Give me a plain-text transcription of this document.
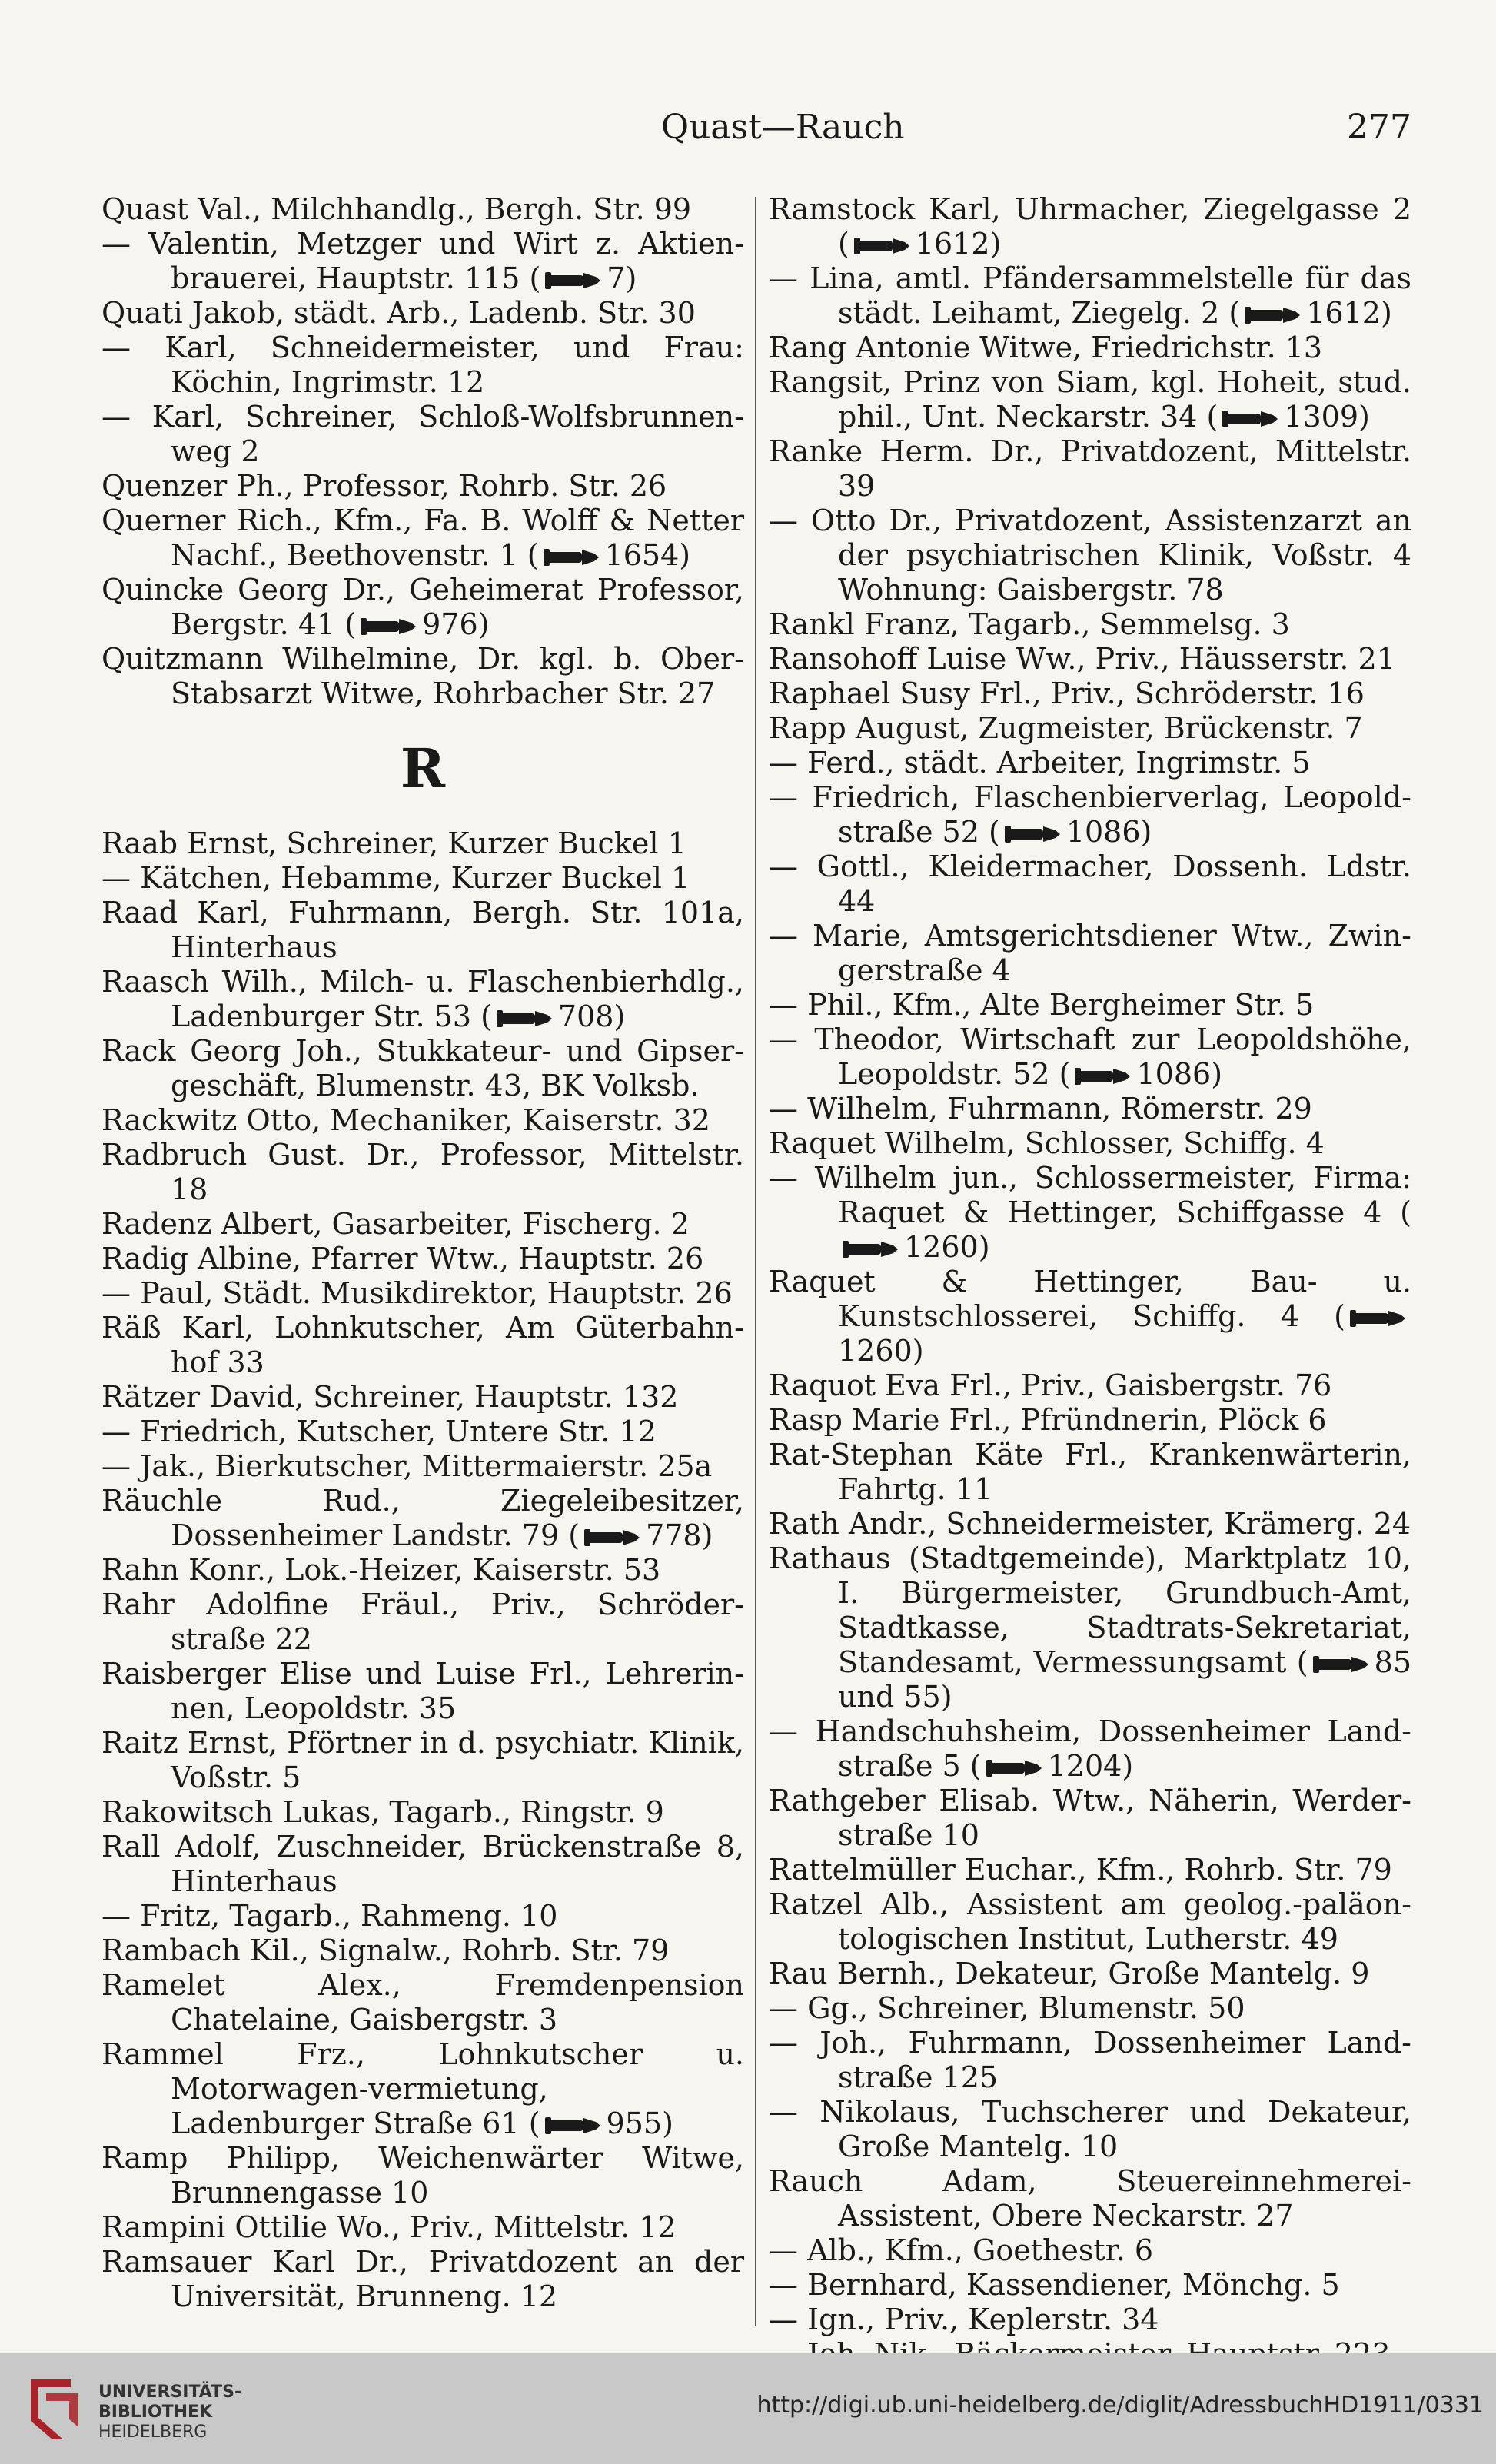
Quast—Rauch	277

Quast Val., Milchhandlg., Bergh. Str. 99

— Valentin, Metzger und Wirt z. Aktien-brauerei, Hauptstr. 115 ( 7)

Quati Jakob, städt. Arb., Ladenb. Str. 30

— Karl, Schneidermeister, und Frau: Köchin, Ingrimstr. 12

— Karl, Schreiner, Schloß-Wolfsbrunnen-weg 2

Quenzer Ph., Professor, Rohrb. Str. 26

Querner Rich., Kfm., Fa. B. Wolff & Netter Nachf., Beethovenstr. 1 ( 1654)

Quincke Georg Dr., Geheimerat Professor, Bergstr. 41 ( 976)

Quitzmann Wilhelmine, Dr. kgl. b. Ober-Stabsarzt Witwe, Rohrbacher Str. 27

R

Raab Ernst, Schreiner, Kurzer Buckel 1

— Kätchen, Hebamme, Kurzer Buckel 1

Raad Karl, Fuhrmann, Bergh. Str. 101a, Hinterhaus

Raasch Wilh., Milch- u. Flaschenbierhdlg., Ladenburger Str. 53 ( 708)

Rack Georg Joh., Stukkateur- und Gipser-geschäft, Blumenstr. 43, BK Volksb.

Rackwitz Otto, Mechaniker, Kaiserstr. 32

Radbruch Gust. Dr., Professor, Mittelstr. 18

Radenz Albert, Gasarbeiter, Fischerg. 2

Radig Albine, Pfarrer Wtw., Hauptstr. 26

— Paul, Städt. Musikdirektor, Hauptstr. 26

Räß Karl, Lohnkutscher, Am Güterbahn-hof 33

Rätzer David, Schreiner, Hauptstr. 132

— Friedrich, Kutscher, Untere Str. 12

— Jak., Bierkutscher, Mittermaierstr. 25a

Räuchle Rud., Ziegeleibesitzer, Dossenheimer Landstr. 79 ( 778)

Rahn Konr., Lok.-Heizer, Kaiserstr. 53

Rahr Adolfine Fräul., Priv., Schröder-straße 22

Raisberger Elise und Luise Frl., Lehrerin-nen, Leopoldstr. 35

Raitz Ernst, Pförtner in d. psychiatr. Klinik, Voßstr. 5

Rakowitsch Lukas, Tagarb., Ringstr. 9

Rall Adolf, Zuschneider, Brückenstraße 8, Hinterhaus

— Fritz, Tagarb., Rahmeng. 10

Rambach Kil., Signalw., Rohrb. Str. 79

Ramelet Alex., Fremdenpension Chatelaine, Gaisbergstr. 3

Rammel Frz., Lohnkutscher u. Motorwagen-vermietung, Ladenburger Straße 61 ( 955)

Ramp Philipp, Weichenwärter Witwe, Brunnengasse 10

Rampini Ottilie Wo., Priv., Mittelstr. 12

Ramsauer Karl Dr., Privatdozent an der Universität, Brunneng. 12

Ramstock Karl, Uhrmacher, Ziegelgasse 2 ( 1612)

— Lina, amtl. Pfändersammelstelle für das städt. Leihamt, Ziegelg. 2 ( 1612)

Rang Antonie Witwe, Friedrichstr. 13

Rangsit, Prinz von Siam, kgl. Hoheit, stud. phil., Unt. Neckarstr. 34 ( 1309)

Ranke Herm. Dr., Privatdozent, Mittelstr. 39

— Otto Dr., Privatdozent, Assistenzarzt an der psychiatrischen Klinik, Voßstr. 4 Wohnung: Gaisbergstr. 78

Rankl Franz, Tagarb., Semmelsg. 3

Ransohoff Luise Ww., Priv., Häusserstr. 21

Raphael Susy Frl., Priv., Schröderstr. 16

Rapp August, Zugmeister, Brückenstr. 7

— Ferd., städt. Arbeiter, Ingrimstr. 5

— Friedrich, Flaschenbierverlag, Leopold-straße 52 ( 1086)

— Gottl., Kleidermacher, Dossenh. Ldstr. 44

— Marie, Amtsgerichtsdiener Wtw., Zwin-gerstraße 4

— Phil., Kfm., Alte Bergheimer Str. 5

— Theodor, Wirtschaft zur Leopoldshöhe, Leopoldstr. 52 ( 1086)

— Wilhelm, Fuhrmann, Römerstr. 29

Raquet Wilhelm, Schlosser, Schiffg. 4

— Wilhelm jun., Schlossermeister, Firma: Raquet & Hettinger, Schiffgasse 4 (1260)

Raquet & Hettinger, Bau- u. Kunstschlosserei, Schiffg. 4 (1260)

Raquot Eva Frl., Priv., Gaisbergstr. 76

Rasp Marie Frl., Pfründnerin, Plöck 6

Rat-Stephan Käte Frl., Krankenwärterin, Fahrtg. 11

Rath Andr., Schneidermeister, Krämerg. 24

Rathaus (Stadtgemeinde), Marktplatz 10, I. Bürgermeister, Grundbuch-Amt, Stadtkasse, Stadtrats-Sekretariat, Standesamt, Vermessungsamt ( 85 und 55)

— Handschuhsheim, Dossenheimer Land-straße 5 ( 1204)

Rathgeber Elisab. Wtw., Näherin, Werder-straße 10

Rattelmüller Euchar., Kfm., Rohrb. Str. 79

Ratzel Alb., Assistent am geolog.-paläon-tologischen Institut, Lutherstr. 49

Rau Bernh., Dekateur, Große Mantelg. 9

— Gg., Schreiner, Blumenstr. 50

— Joh., Fuhrmann, Dossenheimer Land-straße 125

— Nikolaus, Tuchscherer und Dekateur, Große Mantelg. 10

Rauch Adam, Steuereinnehmerei-Assistent, Obere Neckarstr. 27

— Alb., Kfm., Goethestr. 6

— Bernhard, Kassendiener, Mönchg. 5

— Ign., Priv., Keplerstr. 34

UNIVERSITÄTS-
BIBLIOTHEK
HEIDELBERG
http://digi.ub.uni-heidelberg.de/diglit/AdressbuchHD1911/0331
